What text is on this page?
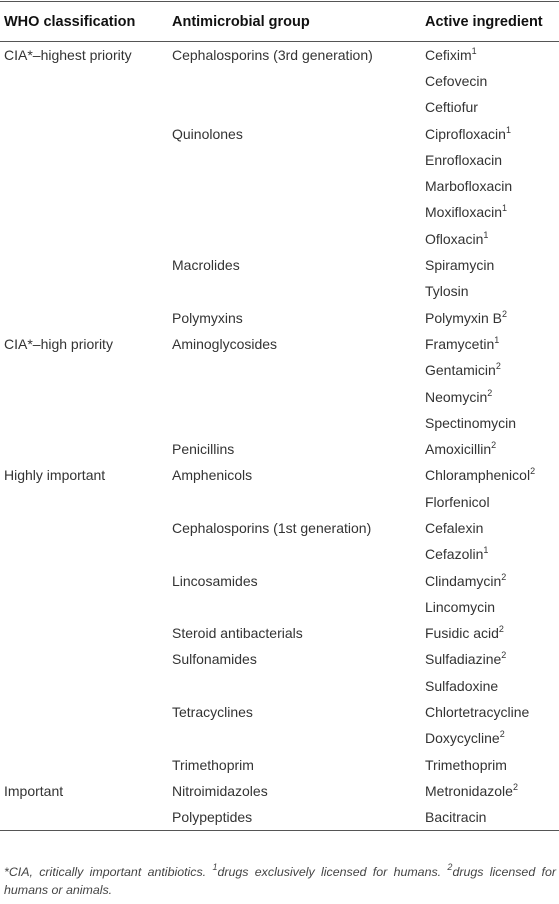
WHO classification	Antimicrobial group	Active ingredient
CIA*–highest priority	Cephalosporins (3rd generation)	Cefixim$^1$
		Cefovecin
		Ceftiofur
	Quinolones	Ciprofloxacin$^1$
		Enrofloxacin
		Marbofloxacin
		Moxifloxacin$^1$
		Ofloxacin$^1$
	Macrolides	Spiramycin
		Tylosin
	Polymyxins	Polymyxin $B^2$
CIA*–high priority	Aminoglycosides	Framycetin$^1$
		Gentamicin$^2$
		Neomycin$^2$
		Spectinomycin
	Penicillins	Amoxicillin$^2$
Highly important	Amphenicols	Chloramphenicol$^2$
		Florfenicol
	Cephalosporins (1st generation)	Cefalexin
		Cefazolin$^1$
	Lincosamides	Clindamycin$^2$
		Lincomycin
	Steroid antibacterials	Fusidic acid$^2$
	Sulfonamides	Sulfadiazine$^2$
		Sulfadoxine
	Tetracyclines	Chlortetracycline
		Doxycycline$^2$
	Trimethoprim	Trimethoprim
Important	Nitroimidazoles	Metronidazole$^2$
	Polypeptides	Bacitracin
*CIA, critically important antibiotics. $^1$drugs exclusively licensed for humans. $^2$drugs licensed for humans or animals.
